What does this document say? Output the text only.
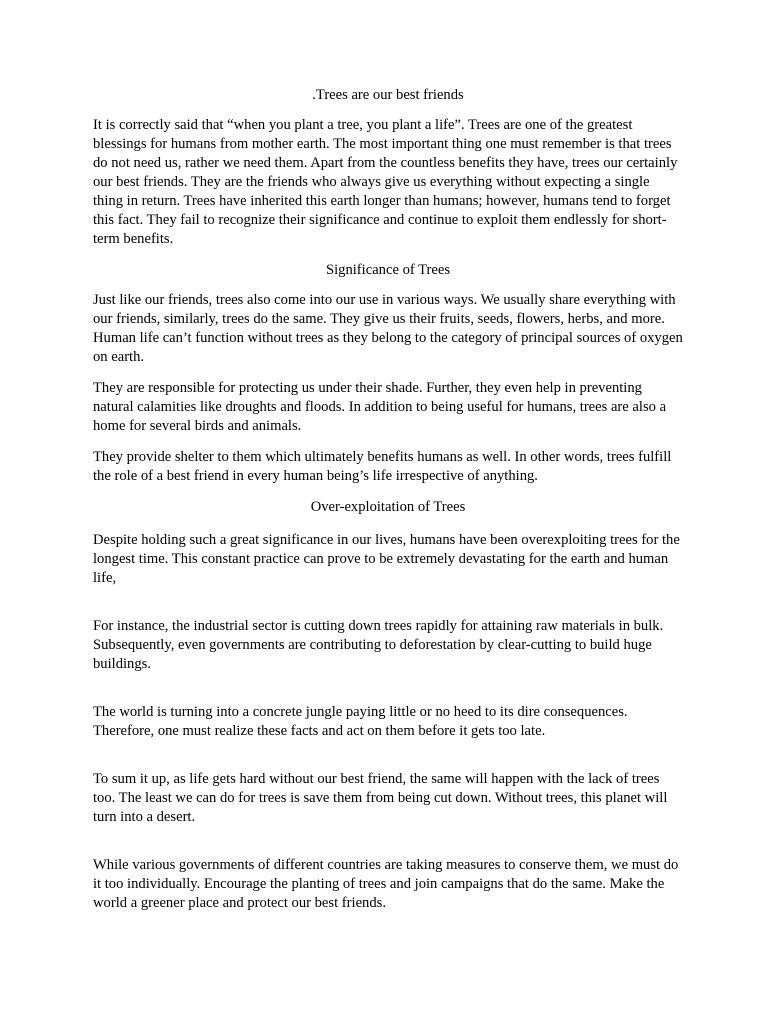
.Trees are our best friends

It is correctly said that “when you plant a tree, you plant a life”. Trees are one of the greatest blessings for humans from mother earth. The most important thing one must remember is that trees do not need us, rather we need them. Apart from the countless benefits they have, trees our certainly our best friends. They are the friends who always give us everything without expecting a single thing in return. Trees have inherited this earth longer than humans; however, humans tend to forget this fact. They fail to recognize their significance and continue to exploit them endlessly for short-term benefits.

Significance of Trees

Just like our friends, trees also come into our use in various ways. We usually share everything with our friends, similarly, trees do the same. They give us their fruits, seeds, flowers, herbs, and more. Human life can’t function without trees as they belong to the category of principal sources of oxygen on earth.

They are responsible for protecting us under their shade. Further, they even help in preventing natural calamities like droughts and floods. In addition to being useful for humans, trees are also a home for several birds and animals.

They provide shelter to them which ultimately benefits humans as well. In other words, trees fulfill the role of a best friend in every human being’s life irrespective of anything.

Over-exploitation of Trees

Despite holding such a great significance in our lives, humans have been overexploiting trees for the longest time. This constant practice can prove to be extremely devastating for the earth and human life,

For instance, the industrial sector is cutting down trees rapidly for attaining raw materials in bulk. Subsequently, even governments are contributing to deforestation by clear-cutting to build huge buildings.

The world is turning into a concrete jungle paying little or no heed to its dire consequences. Therefore, one must realize these facts and act on them before it gets too late.

To sum it up, as life gets hard without our best friend, the same will happen with the lack of trees too. The least we can do for trees is save them from being cut down. Without trees, this planet will turn into a desert.

While various governments of different countries are taking measures to conserve them, we must do it too individually. Encourage the planting of trees and join campaigns that do the same. Make the world a greener place and protect our best friends.
